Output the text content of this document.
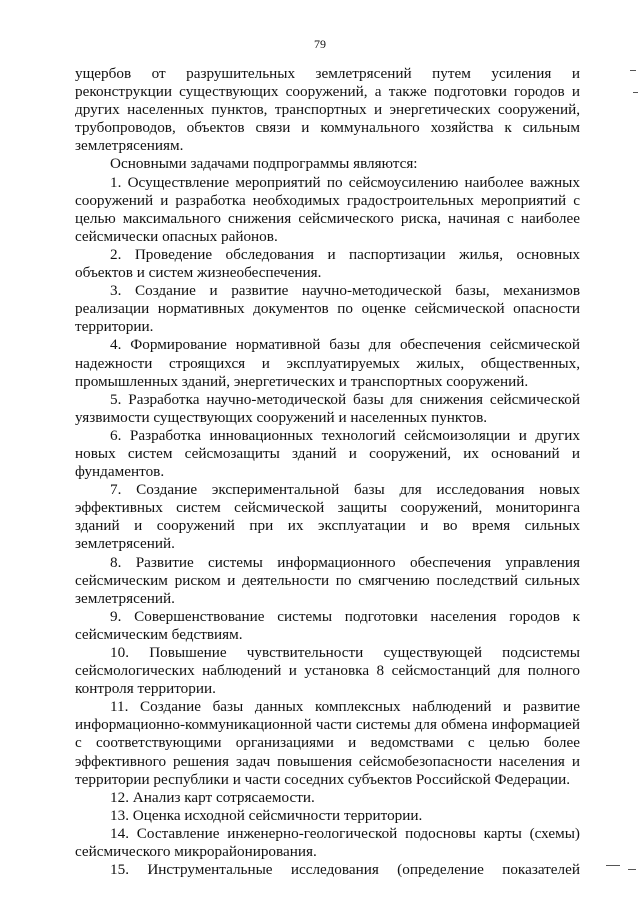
79

ущербов от разрушительных землетрясений путем усиления и реконструкции существующих сооружений, а также подготовки городов и других населенных пунктов, транспортных и энергетических сооружений, трубопроводов, объектов связи и коммунального хозяйства к сильным землетрясениям.

Основными задачами подпрограммы являются:

1. Осуществление мероприятий по сейсмоусилению наиболее важных сооружений и разработка необходимых градостроительных мероприятий с целью максимального снижения сейсмического риска, начиная с наиболее сейсмически опасных районов.

2. Проведение обследования и паспортизации жилья, основных объектов и систем жизнеобеспечения.

3. Создание и развитие научно-методической базы, механизмов реализации нормативных документов по оценке сейсмической опасности территории.

4. Формирование нормативной базы для обеспечения сейсмической надежности строящихся и эксплуатируемых жилых, общественных, промышленных зданий, энергетических и транспортных сооружений.

5. Разработка научно-методической базы для снижения сейсмической уязвимости существующих сооружений и населенных пунктов.

6. Разработка инновационных технологий сейсмоизоляции и других новых систем сейсмозащиты зданий и сооружений, их оснований и фундаментов.

7. Создание экспериментальной базы для исследования новых эффективных систем сейсмической защиты сооружений, мониторинга зданий и сооружений при их эксплуатации и во время сильных землетрясений.

8. Развитие системы информационного обеспечения управления сейсмическим риском и деятельности по смягчению последствий сильных землетрясений.

9. Совершенствование системы подготовки населения городов к сейсмическим бедствиям.

10. Повышение чувствительности существующей подсистемы сейсмологических наблюдений и установка 8 сейсмостанций для полного контроля территории.

11. Создание базы данных комплексных наблюдений и развитие информационно-коммуникационной части системы для обмена информацией с соответствующими организациями и ведомствами с целью более эффективного решения задач повышения сейсмобезопасности населения и территории республики и части соседних субъектов Российской Федерации.

12. Анализ карт сотрясаемости.

13. Оценка исходной сейсмичности территории.

14. Составление инженерно-геологической подосновы карты (схемы) сейсмического микрорайонирования.

15. Инструментальные исследования (определение показателей
